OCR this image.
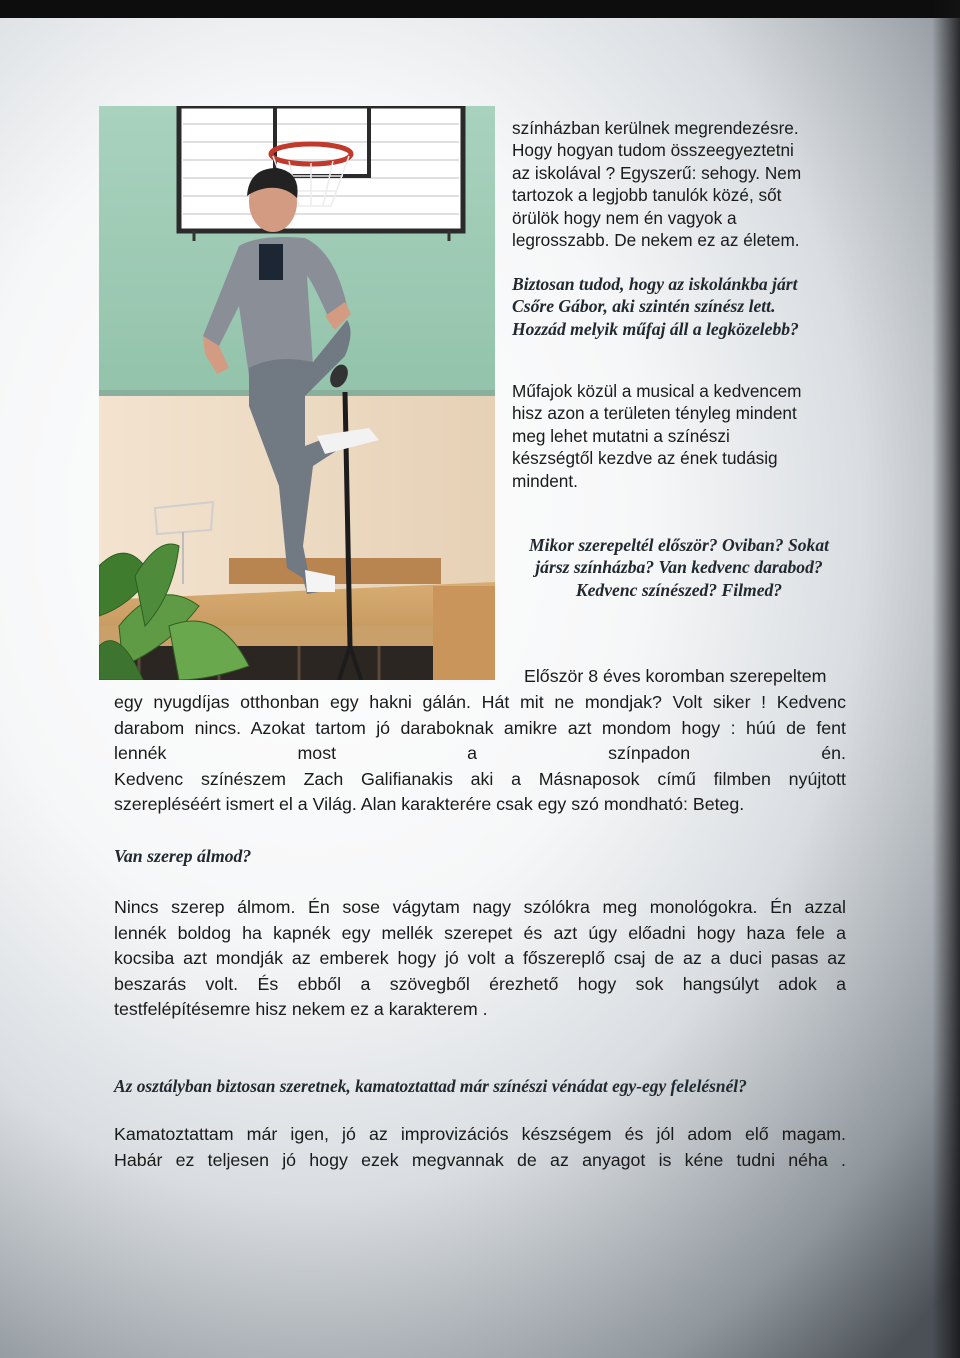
színházban kerülnek megrendezésre.
Hogy hogyan tudom összeegyeztetni
az iskolával ? Egyszerű: sehogy. Nem
tartozok a legjobb tanulók közé, sőt
örülök hogy nem én vagyok a
legrosszabb. De nekem ez az életem.
Biztosan tudod, hogy az iskolánkba járt
Csőre Gábor, aki szintén színész lett.
Hozzád melyik műfaj áll a legközelebb?
Műfajok közül a musical a kedvencem
hisz azon a területen tényleg mindent
meg lehet mutatni a színészi
készségtől kezdve az ének tudásig
mindent.
Mikor szerepeltél először? Oviban? Sokat
jársz színházba? Van kedvenc darabod?
Kedvenc színészed? Filmed?
Először 8 éves koromban szerepeltem
egy nyugdíjas otthonban egy hakni gálán. Hát mit ne mondjak? Volt siker ! Kedvenc
darabom nincs. Azokat tartom jó daraboknak amikre azt mondom hogy : húú de fent
lennék most a színpadon én.
Kedvenc színészem Zach Galifianakis aki a Másnaposok című filmben nyújtott
szerepléséért ismert el a Világ. Alan karakterére csak egy szó mondható: Beteg.
Van szerep álmod?
Nincs szerep álmom. Én sose vágytam nagy szólókra meg monológokra. Én azzal
lennék boldog ha kapnék egy mellék szerepet és azt úgy előadni hogy haza fele a
kocsiba azt mondják az emberek hogy jó volt a főszereplő csaj de az a duci pasas az
beszarás volt. És ebből a szövegből érezhető hogy sok hangsúlyt adok a
testfelépítésemre hisz nekem ez a karakterem .
Az osztályban biztosan szeretnek, kamatoztattad már színészi vénádat egy-egy felelésnél?
Kamatoztattam már igen, jó az improvizációs készségem és jól adom elő magam.
Habár ez teljesen jó hogy ezek megvannak de az anyagot is kéne tudni néha .
